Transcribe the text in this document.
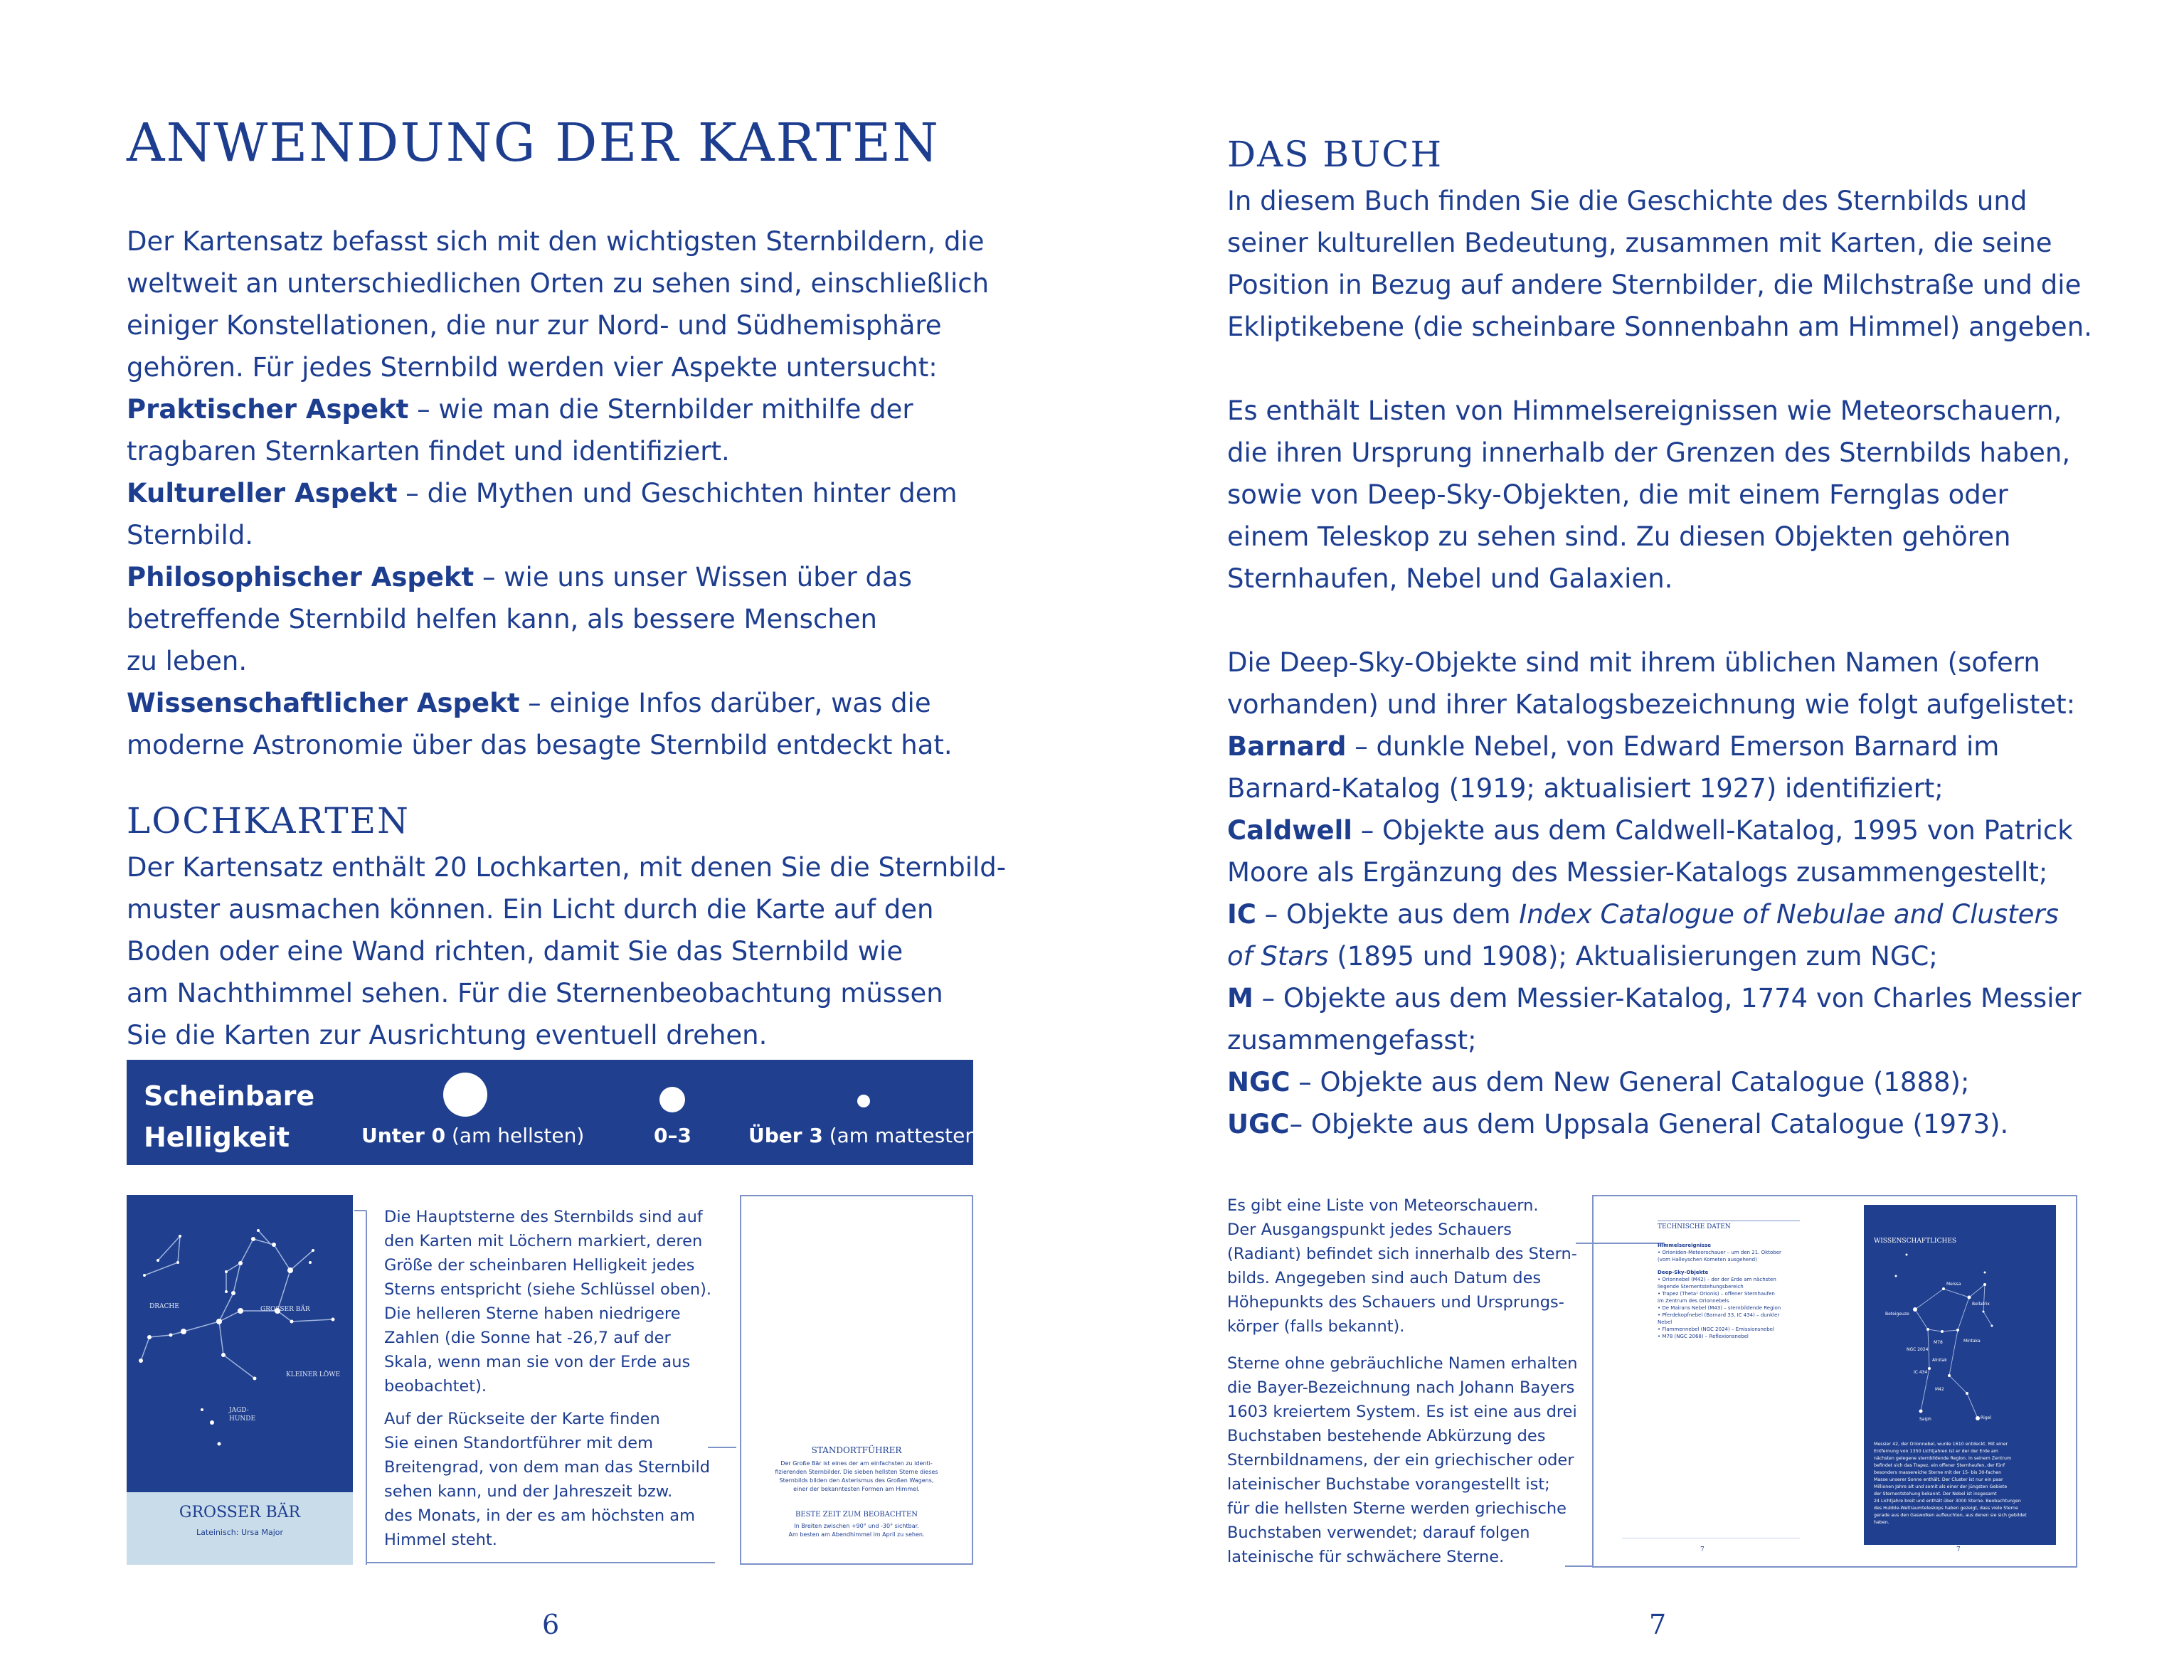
ANWENDUNG DER KARTEN
Der Kartensatz befasst sich mit den wichtigsten Sternbildern, die
weltweit an unterschiedlichen Orten zu sehen sind, einschließlich
einiger Konstellationen, die nur zur Nord- und Südhemisphäre
gehören. Für jedes Sternbild werden vier Aspekte untersucht:
Praktischer Aspekt – wie man die Sternbilder mithilfe der
tragbaren Sternkarten findet und identifiziert.
Kultureller Aspekt – die Mythen und Geschichten hinter dem
Sternbild.
Philosophischer Aspekt – wie uns unser Wissen über das
betreffende Sternbild helfen kann, als bessere Menschen
zu leben.
Wissenschaftlicher Aspekt – einige Infos darüber, was die
moderne Astronomie über das besagte Sternbild entdeckt hat.
LOCHKARTEN
Der Kartensatz enthält 20 Lochkarten, mit denen Sie die Sternbild-
muster ausmachen können. Ein Licht durch die Karte auf den
Boden oder eine Wand richten, damit Sie das Sternbild wie
am Nachthimmel sehen. Für die Sternenbeobachtung müssen
Sie die Karten zur Ausrichtung eventuell drehen.
Scheinbare
Helligkeit	Unter 0 (am hellsten)	0–3	Über 3 (am mattesten)
DRACHE	GROSSER BÄR
KLEINER LÖWE
JAGD-
HUNDE
GROSSER BÄR
Lateinisch: Ursa Major
Die Hauptsterne des Sternbilds sind auf
den Karten mit Löchern markiert, deren
Größe der scheinbaren Helligkeit jedes
Sterns entspricht (siehe Schlüssel oben).
Die helleren Sterne haben niedrigere
Zahlen (die Sonne hat -26,7 auf der
Skala, wenn man sie von der Erde aus
beobachtet).
Auf der Rückseite der Karte finden
Sie einen Standortführer mit dem
Breitengrad, von dem man das Sternbild
sehen kann, und der Jahreszeit bzw.
des Monats, in der es am höchsten am
Himmel steht.
STANDORTFÜHRER
Der Große Bär ist eines der am einfachsten zu identi-
fizierenden Sternbilder. Die sieben hellsten Sterne dieses
Sternbilds bilden den Asterismus des Großen Wagens,
einer der bekanntesten Formen am Himmel.
BESTE ZEIT ZUM BEOBACHTEN
In Breiten zwischen +90° und -30° sichtbar.
Am besten am Abendhimmel im April zu sehen.
6
DAS BUCH
In diesem Buch finden Sie die Geschichte des Sternbilds und
seiner kulturellen Bedeutung, zusammen mit Karten, die seine
Position in Bezug auf andere Sternbilder, die Milchstraße und die
Ekliptikebene (die scheinbare Sonnenbahn am Himmel) angeben.

Es enthält Listen von Himmelsereignissen wie Meteorschauern,
die ihren Ursprung innerhalb der Grenzen des Sternbilds haben,
sowie von Deep-Sky-Objekten, die mit einem Fernglas oder
einem Teleskop zu sehen sind. Zu diesen Objekten gehören
Sternhaufen, Nebel und Galaxien.

Die Deep-Sky-Objekte sind mit ihrem üblichen Namen (sofern
vorhanden) und ihrer Katalogsbezeichnung wie folgt aufgelistet:
Barnard – dunkle Nebel, von Edward Emerson Barnard im
Barnard-Katalog (1919; aktualisiert 1927) identifiziert;
Caldwell – Objekte aus dem Caldwell-Katalog, 1995 von Patrick
Moore als Ergänzung des Messier-Katalogs zusammengestellt;
IC – Objekte aus dem Index Catalogue of Nebulae and Clusters
of Stars (1895 und 1908); Aktualisierungen zum NGC;
M – Objekte aus dem Messier-Katalog, 1774 von Charles Messier
zusammengefasst;
NGC – Objekte aus dem New General Catalogue (1888);
UGC– Objekte aus dem Uppsala General Catalogue (1973).
Es gibt eine Liste von Meteorschauern.
Der Ausgangspunkt jedes Schauers
(Radiant) befindet sich innerhalb des Stern-
bilds. Angegeben sind auch Datum des
Höhepunkts des Schauers und Ursprungs-
körper (falls bekannt).
Sterne ohne gebräuchliche Namen erhalten
die Bayer-Bezeichnung nach Johann Bayers
1603 kreiertem System. Es ist eine aus drei
Buchstaben bestehende Abkürzung des
Sternbildnamens, der ein griechischer oder
lateinischer Buchstabe vorangestellt ist;
für die hellsten Sterne werden griechische
Buchstaben verwendet; darauf folgen
lateinische für schwächere Sterne.
TECHNISCHE DATEN
Himmelsereignisse
• Orioniden-Meteorschauer – um den 21. Oktober
(vom Halleyschen Kometen ausgehend)
Deep-Sky-Objekte
• Orionnebel (M42) – der der Erde am nächsten
liegende Sternentstehungsbereich
• Trapez (Theta¹ Orionis) – offener Sternhaufen
im Zentrum des Orionnebels
• De Mairans Nebel (M43) – sternbildende Region
• Pferdekopfnebel (Barnard 33, IC 434) – dunkler
Nebel
• Flammennebel (NGC 2024) – Emissionsnebel
• M78 (NGC 2068) – Reflexionsnebel
7
WISSENSCHAFTLICHES
Beteigeuze
Meissa
Bellatrix
M78
NGC 2024
IC 434
Alnitak
Mintaka
M42
Saiph	Rigel
Messier 42, der Orionnebel, wurde 1610 entdeckt. Mit einer
Entfernung von 1350 Lichtjahren ist er der der Erde am
nächsten gelegene sternbildende Region. In seinem Zentrum
befindet sich das Trapez, ein offener Sternhaufen, der fünf
besonders massereiche Sterne mit der 15- bis 30-fachen
Masse unserer Sonne enthält. Der Cluster ist nur ein paar
Millionen Jahre alt und somit als einer der jüngsten Gebiete
der Sternentstehung bekannt. Der Nebel ist insgesamt
24 Lichtjahre breit und enthält über 3000 Sterne. Beobachtungen
des Hubble-Weltraumteleskops haben gezeigt, dass viele Sterne
gerade aus den Gaswolken aufleuchten, aus denen sie sich gebildet
haben.
7
7
